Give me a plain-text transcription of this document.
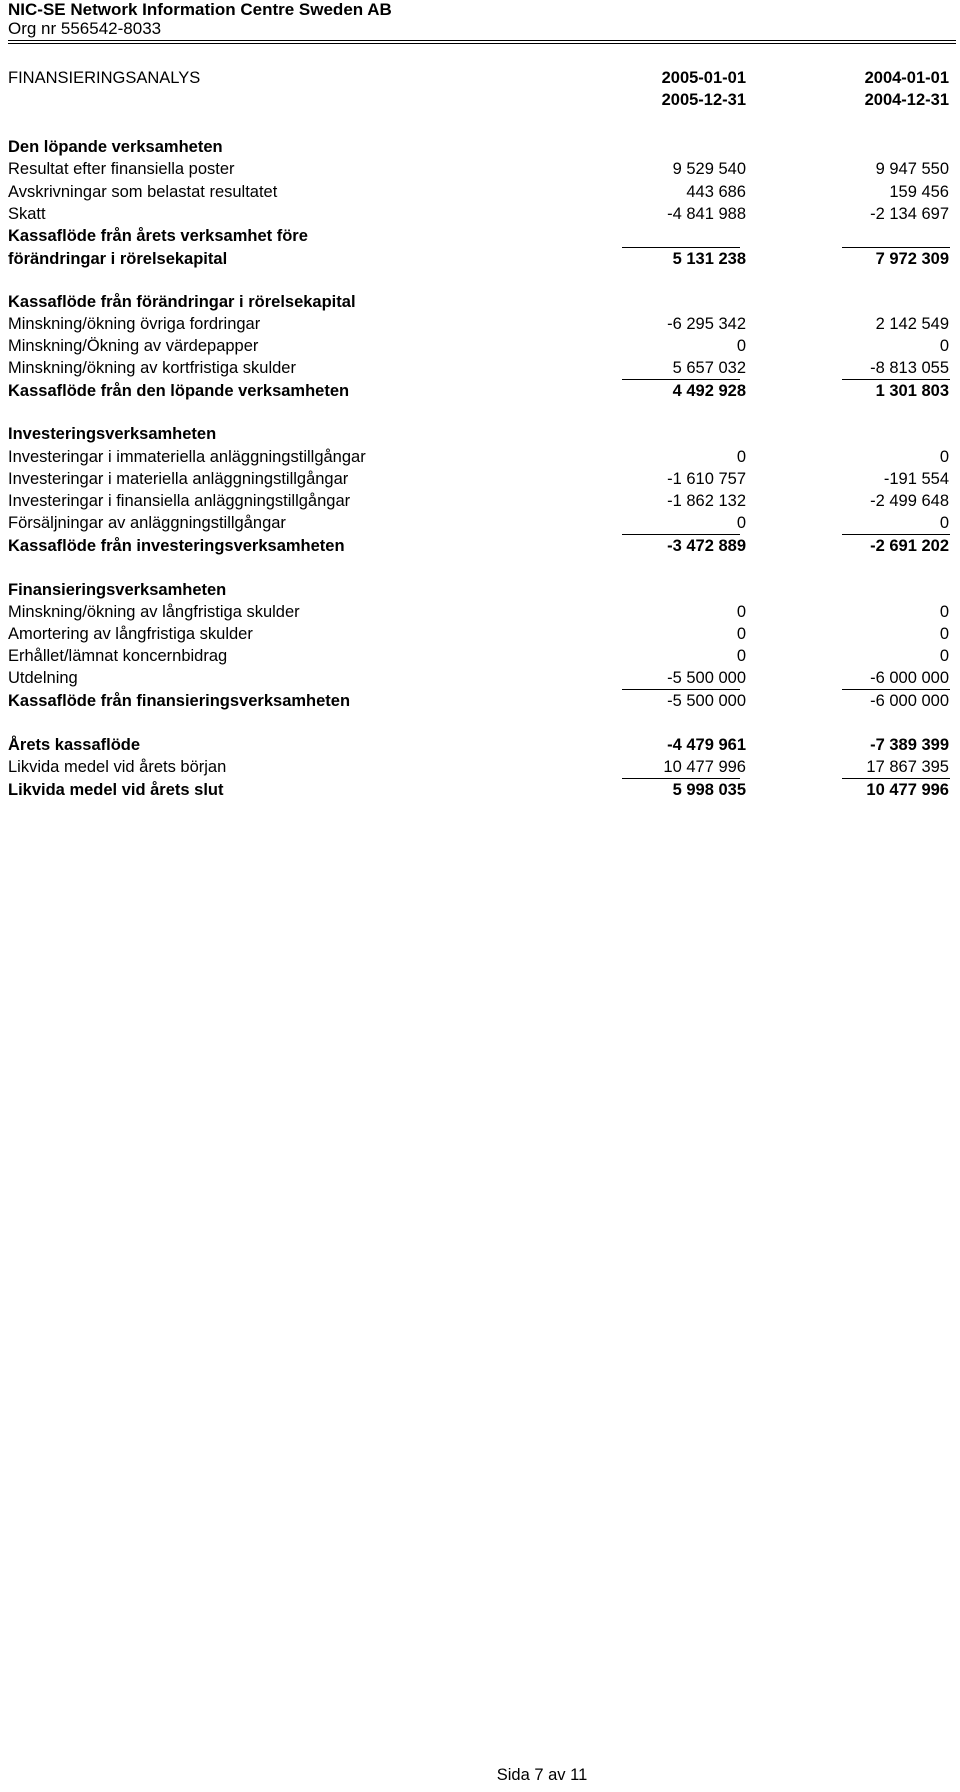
NIC-SE Network Information Centre Sweden AB
Org nr 556542-8033
FINANSIERINGSANALYS	2005-01-01	2004-01-01
2005-12-31	2004-12-31
Den löpande verksamheten
Resultat efter finansiella poster	9 529 540	9 947 550
Avskrivningar som belastat resultatet	443 686	159 456
Skatt	-4 841 988	-2 134 697
Kassaflöde från årets verksamhet före
förändringar i rörelsekapital	5 131 238	7 972 309
Kassaflöde från förändringar i rörelsekapital
Minskning/ökning övriga fordringar	-6 295 342	2 142 549
Minskning/Ökning av värdepapper	0	0
Minskning/ökning av kortfristiga skulder	5 657 032	-8 813 055
Kassaflöde från den löpande verksamheten	4 492 928	1 301 803
Investeringsverksamheten
Investeringar i immateriella anläggningstillgångar	0	0
Investeringar i materiella anläggningstillgångar	-1 610 757	-191 554
Investeringar i finansiella anläggningstillgångar	-1 862 132	-2 499 648
Försäljningar av anläggningstillgångar	0	0
Kassaflöde från investeringsverksamheten	-3 472 889	-2 691 202
Finansieringsverksamheten
Minskning/ökning av långfristiga skulder	0	0
Amortering av långfristiga skulder	0	0
Erhållet/lämnat koncernbidrag	0	0
Utdelning	-5 500 000	-6 000 000
Kassaflöde från finansieringsverksamheten	-5 500 000	-6 000 000
Årets kassaflöde	-4 479 961	-7 389 399
Likvida medel vid årets början	10 477 996	17 867 395
Likvida medel vid årets slut	5 998 035	10 477 996
Sida 7 av 11
